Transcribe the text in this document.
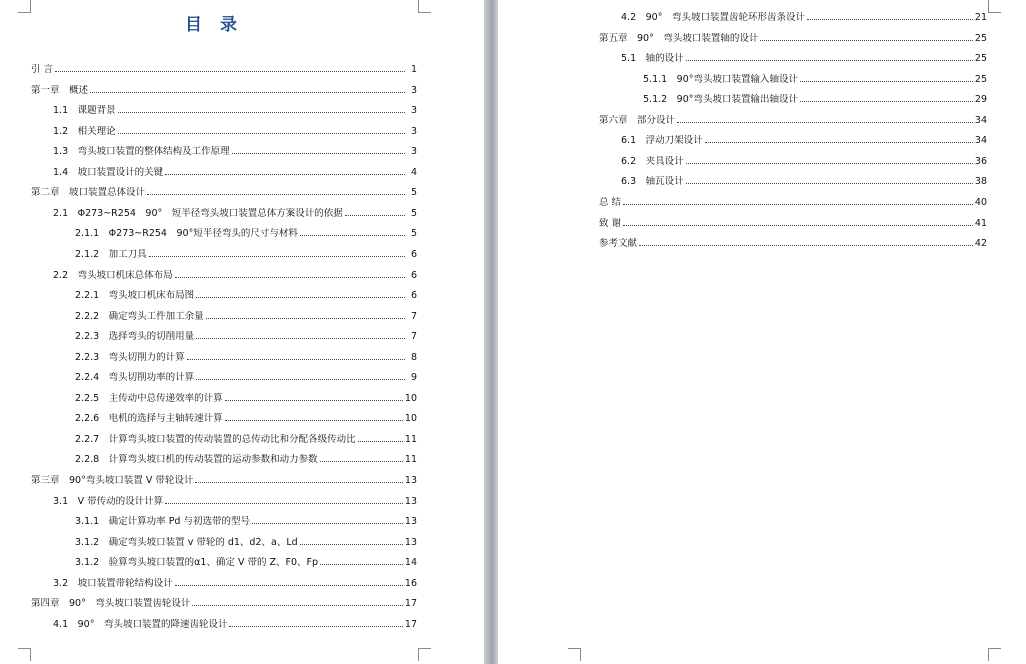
目 录
引 言	1
第一章　概述	3
1.1　课题背景	3
1.2　相关理论	3
1.3　弯头坡口装置的整体结构及工作原理	3
1.4　坡口装置设计的关键	4
第二章　坡口装置总体设计	5
2.1　Φ273~R254　90°　短半径弯头坡口装置总体方案设计的依据	5
2.1.1　Φ273~R254　90°短半径弯头的尺寸与材料	5
2.1.2　加工刀具	6
2.2　弯头坡口机床总体布局	6
2.2.1　弯头坡口机床布局图	6
2.2.2　确定弯头工件加工余量	7
2.2.3　选择弯头的切削用量	7
2.2.3　弯头切削力的计算	8
2.2.4　弯头切削功率的计算	9
2.2.5　主传动中总传递效率的计算	10
2.2.6　电机的选择与主轴转速计算	10
2.2.7　计算弯头坡口装置的传动装置的总传动比和分配各级传动比	11
2.2.8　计算弯头坡口机的传动装置的运动参数和动力参数	11
第三章　90°弯头坡口装置 V 带轮设计	13
3.1　V 带传动的设计计算	13
3.1.1　确定计算功率 Pd 与初选带的型号	13
3.1.2　确定弯头坡口装置 v 带轮的 d1、d2、a、Ld	13
3.1.2　验算弯头坡口装置的α1、确定 V 带的 Z、F0、Fp	14
3.2　坡口装置带轮结构设计	16
第四章　90°　弯头坡口装置齿轮设计	17
4.1　90°　弯头坡口装置的降速齿轮设计	17
4.2　90°　弯头坡口装置齿轮环形齿条设计	21
第五章　90°　弯头坡口装置轴的设计	25
5.1　轴的设计	25
5.1.1　90°弯头坡口装置输入轴设计	25
5.1.2　90°弯头坡口装置输出轴设计	29
第六章　部分设计	34
6.1　浮动刀架设计	34
6.2　夹具设计	36
6.3　轴瓦设计	38
总 结	40
致 谢	41
参考文献	42
